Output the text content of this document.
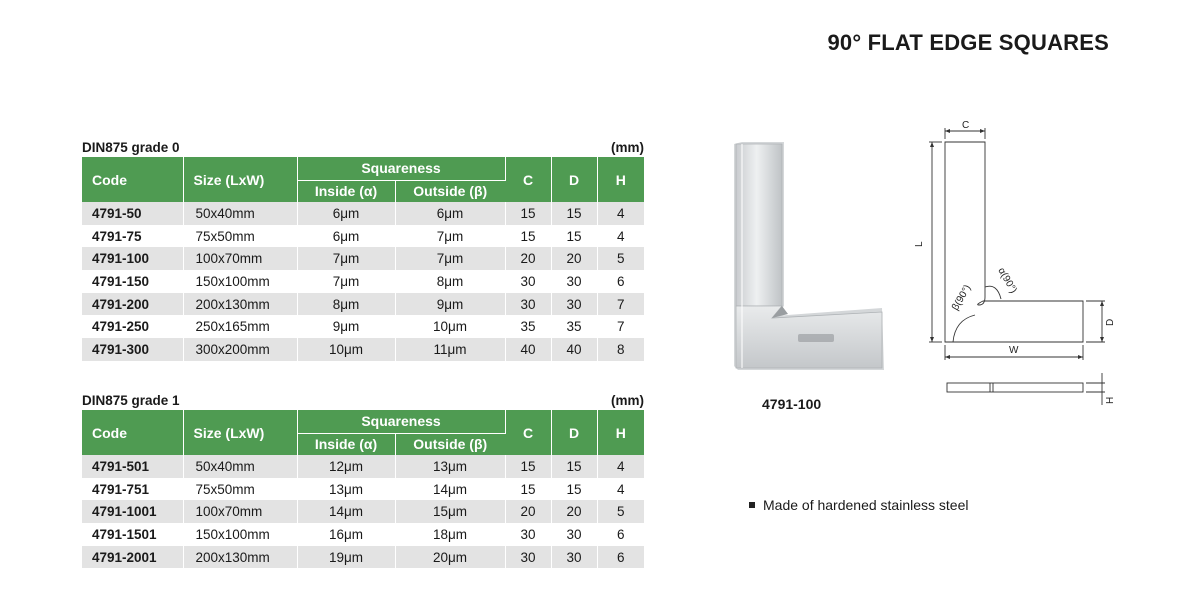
90° FLAT EDGE SQUARES
DIN875 grade 0	(mm)
Code	Size (LxW)	Squareness		C	D	H
		Inside (α)	Outside (β)			
4791-50	50x40mm	6μm	6μm	15	15	4
4791-75	75x50mm	6μm	7μm	15	15	4
4791-100	100x70mm	7μm	7μm	20	20	5
4791-150	150x100mm	7μm	8μm	30	30	6
4791-200	200x130mm	8μm	9μm	30	30	7
4791-250	250x165mm	9μm	10μm	35	35	7
4791-300	300x200mm	10μm	11μm	40	40	8
DIN875 grade 1	(mm)
Code	Size (LxW)	Squareness		C	D	H
		Inside (α)	Outside (β)			
4791-501	50x40mm	12μm	13μm	15	15	4
4791-751	75x50mm	13μm	14μm	15	15	4
4791-1001	100x70mm	14μm	15μm	20	20	5
4791-1501	150x100mm	16μm	18μm	30	30	6
4791-2001	200x130mm	19μm	20μm	30	30	6
4791-100
C
L
W
D
H
α(90°)
β(90°)
Made of hardened stainless steel
